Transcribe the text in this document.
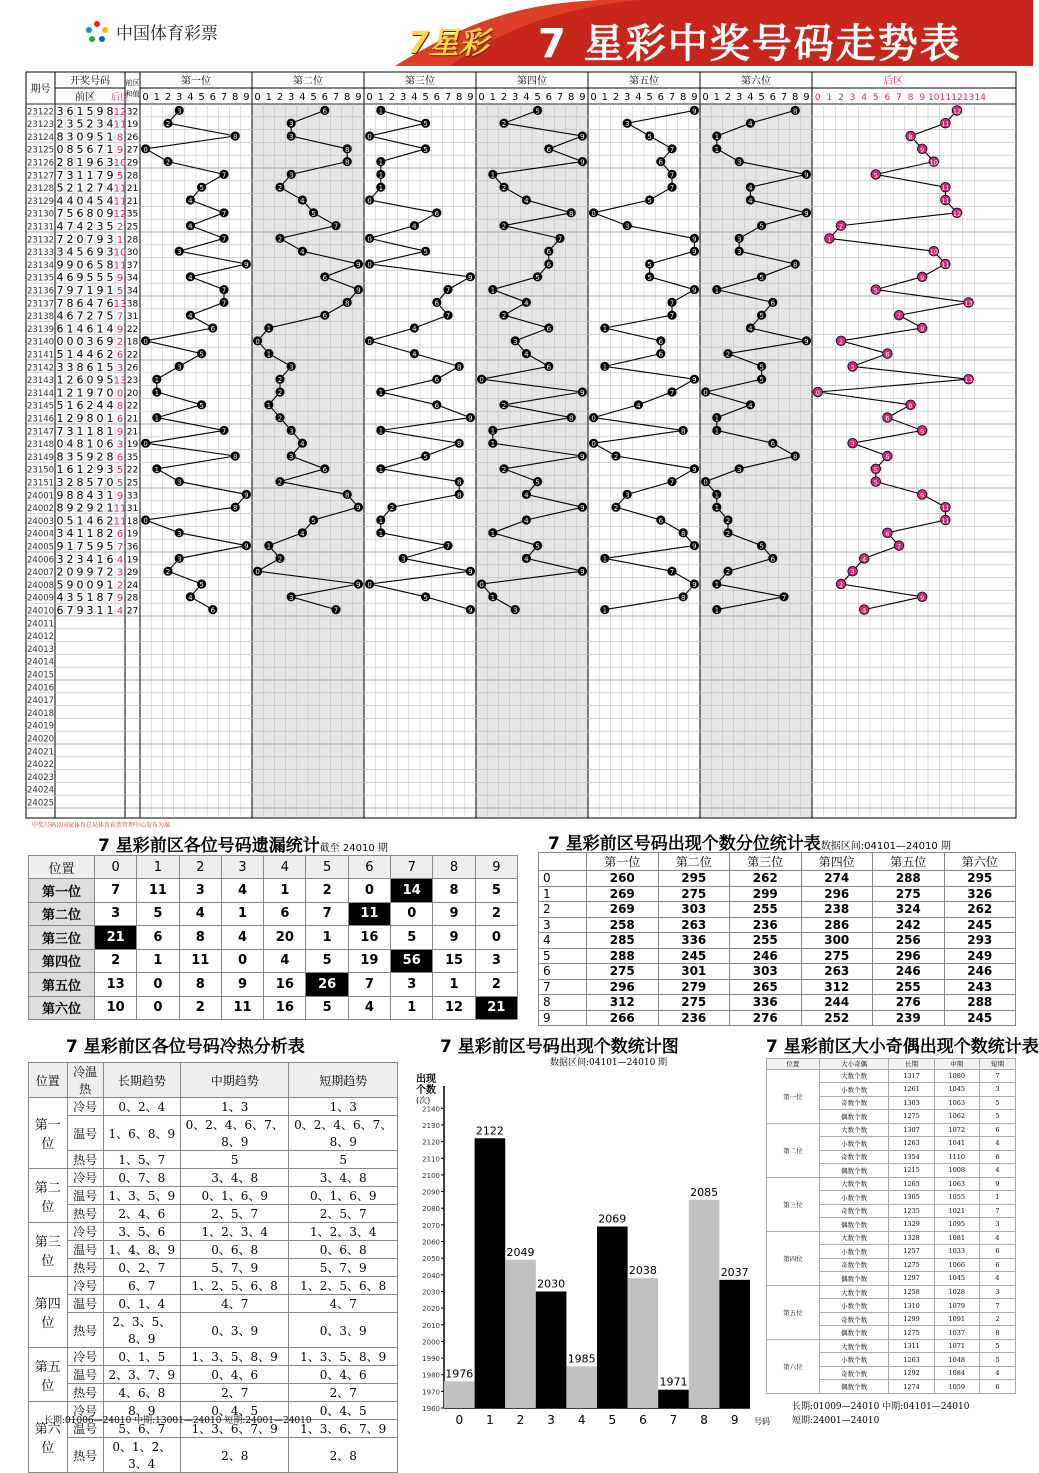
中国体育彩票	7星彩 7 星彩中奖号码走势表
期号
开奖号码
前区 后区
前区
和值
第一位
0 1 2 3 4 5 6 7 8 9
第二位
0 1 2 3 4 5 6 7 8 9
第三位
0 1 2 3 4 5 6 7 8 9
第四位
0 1 2 3 4 5 6 7 8 9
第五位
0 1 2 3 4 5 6 7 8 9
第六位
0 1 2 3 4 5 6 7 8 9
后区
0 1 2 3 4 5 6 7 8 9 10 11 12 13 14
23122 3 6 1 5 9 8 12 32
23123 2 3 5 2 3 4 11 19
23124 8 3 0 9 5 1 8 26
23125 0 8 5 6 7 1 9 27
23126 2 8 1 9 6 3 10 29
23127 7 3 1 1 7 9 5 28
23128 5 2 1 2 7 4 11 21
23129 4 4 0 4 5 4 11 21
23130 7 5 6 8 0 9 12 35
23131 4 7 4 2 3 5 2 25
23132 7 2 0 7 9 3 1 28
23133 3 4 5 6 9 3 10 30
23134 9 9 0 6 5 8 11 37
23135 4 6 9 5 5 5 9 34
23136 7 9 7 1 9 1 5 34
23137 7 8 6 4 7 6 13 38
23138 4 6 7 2 7 5 7 31
23139 6 1 4 6 1 4 9 22
23140 0 0 0 3 6 9 2 18
23141 5 1 4 4 6 2 6 22
23142 3 3 8 6 1 5 3 26
23143 1 2 6 0 9 5 13 23
23144 1 2 1 9 7 0 0 20
23145 5 1 6 2 4 4 8 22
23146 1 2 9 8 0 1 6 21
23147 7 3 1 1 8 1 9 21
23148 0 4 8 1 0 6 3 19
23149 8 3 5 9 2 8 6 35
23150 1 6 1 2 9 3 5 22
23151 3 2 8 5 7 0 5 25
24001 9 8 8 4 3 1 9 33
24002 8 9 2 9 2 1 11 31
24003 0 5 1 4 6 2 11 18
24004 3 4 1 1 8 2 6 19
24005 9 1 7 5 9 5 7 36
24006 3 2 3 4 1 6 4 19
24007 2 0 9 9 7 2 3 29
24008 5 9 0 0 9 1 2 24
24009 4 3 5 1 8 7 9 28
24010 6 7 9 3 1 1 4 27
24011
24012
24013
24014
24015
24016
24017
24018
24019
24020
24021
24022
24023
24024
24025
3
2
8
0
2
7
5
4
7
4
7
3
9
4
7
7
4
6
0
5
3
1
1
5
1
7
0
8
1
3
9
8
0
3
9
3
2
5
4
6
6
3
3
8
8
3
2
4
5
7
2
4
9
6
9
8
6
1
0
1
3
2
2
1
2
3
4
3
6
2
8
9
5
4
1
2
0
9
3
7
1
5
0
5
1
1
1
0
6
4
0
5
0
9
7
6
7
4
0
4
8
6
1
6
9
1
8
5
1
8
8
2
1
1
7
3
9
0
5
9
5
2
9
6
9
1
2
4
8
2
7
6
6
5
1
4
2
6
3
4
6
0
9
2
8
1
1
9
2
5
4
9
4
1
5
4
9
0
1
3
9
3
5
7
6
7
7
5
0
3
9
9
5
5
9
7
7
1
6
6
1
9
7
4
0
8
0
2
9
7
3
2
6
8
9
1
7
9
8
1
8
4
1
1
3
9
4
4
9
5
3
3
8
5
1
6
5
4
9
2
5
5
0
4
1
1
6
8
3
0
1
1
2
2
5
6
2
1
7
1
12
11
8
9
10
5
11
11
12
2
1
10
11
9
5
13
7
9
2
6
3
13
0
8
6
9
3
6
5
5
9
11
11
6
7
4
3
2
9
4
中奖号码以国家体育总局体育彩票管理中心发布为准
7 星彩前区各位号码遗漏统计截至 24010 期
位置	0	1	2	3	4	5	6	7	8	9
第一位	7	11	3	4	1	2	0	14	8	5
第二位	3	5	4	1	6	7	11	0	9	2
第三位	21	6	8	4	20	1	16	5	9	0
第四位	2	1	11	0	4	5	19	56	15	3
第五位	13	0	8	9	16	26	7	3	1	2
第六位	10	0	2	11	16	5	4	1	12	21
7 星彩前区号码出现个数分位统计表数据区间:04101—24010 期
	第一位	第二位	第三位	第四位	第五位	第六位
0	260	295	262	274	288	295
1	269	275	299	296	275	326
2	269	303	255	238	324	262
3	258	263	236	286	242	245
4	285	336	255	300	256	293
5	288	245	246	275	296	249
6	275	301	303	263	246	246
7	296	279	265	312	255	243
8	312	275	336	244	276	288
9	266	236	276	252	239	245
7 星彩前区各位号码冷热分析表
位置	冷温热	长期趋势	中期趋势	短期趋势
第一位	冷号	0、2、4	1、3	1、3
	温号	1、6、8、9	0、2、4、6、7、8、9	0、2、4、6、7、8、9
	热号	1、5、7	5	5
第二位	冷号	0、7、8	3、4、8	3、4、8
	温号	1、3、5、9	0、1、6、9	0、1、6、9
	热号	2、4、6	2、5、7	2、5、7
第三位	冷号	3、5、6	1、2、3、4	1、2、3、4
	温号	1、4、8、9	0、6、8	0、6、8
	热号	0、2、7	5、7、9	5、7、9
第四位	冷号	6、7	1、2、5、6、8	1、2、5、6、8
	温号	0、1、4	4、7	4、7
	热号	2、3、5、8、9	0、3、9	0、3、9
第五位	冷号	0、1、5	1、3、5、8、9	1、3、5、8、9
	温号	2、3、7、9	0、4、6	0、4、6
	热号	4、6、8	2、7	2、7
第六位	冷号	8、9	0、4、5	0、4、5
	温号	5、6、7	1、3、6、7、9	1、3、6、7、9
	热号	0、1、2、3、4	2、8	2、8
长期:01006—24010 中期:13001—24010 短期:24001—24010
7 星彩前区号码出现个数统计图
数据区间:04101—24010 期
出现
个数
(次)
1960
1970
1980
1990
2000
2010
2020
2030
2040
2050
2060
2070
2080
2090
2100
2110
2120
2130
2140
1976
0
2122
1
2049
2
2030
3
1985
4
2069
5
2038
6
1971
7
2085
8
2037
9 号码
7 星彩前区大小奇偶出现个数统计表
位置	大小奇偶	长期	中期	短期
第一位	大数个数	1317	1080	7
	小数个数	1261	1045	3
	奇数个数	1303	1063	5
	偶数个数	1275	1062	5
第二位	大数个数	1307	1072	6
	小数个数	1263	1041	4
	奇数个数	1354	1110	6
	偶数个数	1215	1008	4
第三位	大数个数	1265	1063	9
	小数个数	1305	1055	1
	奇数个数	1235	1021	7
	偶数个数	1329	1095	3
第四位	大数个数	1328	1081	4
	小数个数	1257	1033	6
	奇数个数	1275	1066	6
	偶数个数	1297	1045	4
第五位	大数个数	1258	1028	3
	小数个数	1310	1079	7
	奇数个数	1299	1091	2
	偶数个数	1275	1037	8
第六位	大数个数	1311	1071	5
	小数个数	1263	1048	5
	奇数个数	1292	1084	4
	偶数个数	1274	1059	6
长期:01009—24010 中期:04101—24010
短期:24001—24010
